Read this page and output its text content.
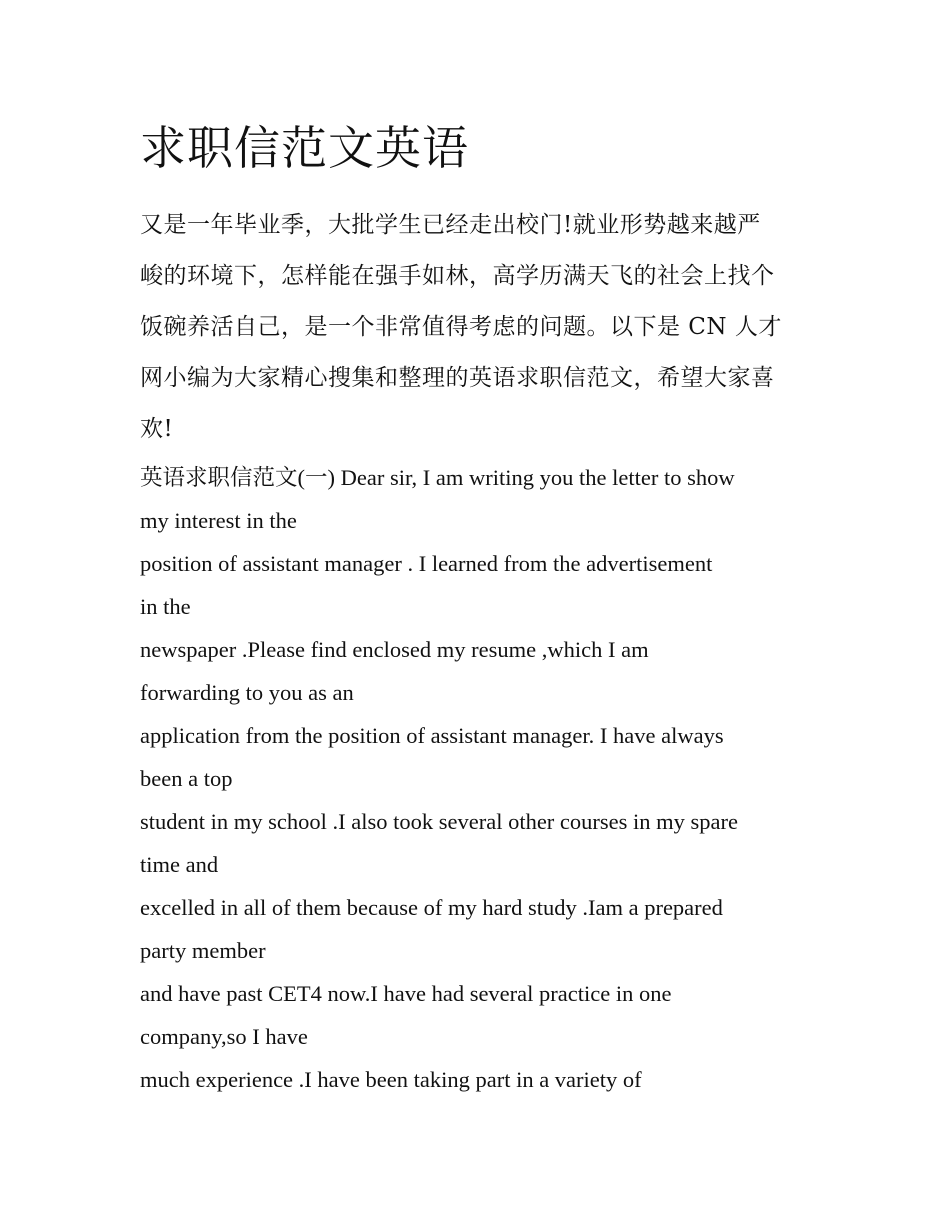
求职信范文英语
又是一年毕业季，大批学生已经走出校门!就业形势越来越严
峻的环境下，怎样能在强手如林，高学历满天飞的社会上找个
饭碗养活自己，是一个非常值得考虑的问题。以下是 CN 人才
网小编为大家精心搜集和整理的英语求职信范文，希望大家喜
欢!
英语求职信范文(一) Dear sir, I am writing you the letter to show
my interest in the
position of assistant manager . I learned from the advertisement
in the
newspaper .Please find enclosed my resume ,which I am
forwarding to you as an
application from the position of assistant manager. I have always
been a top
student in my school .I also took several other courses in my spare
time and
excelled in all of them because of my hard study .Iam a prepared
party member
and have past CET4 now.I have had several practice in one
company,so I have
much experience .I have been taking part in a variety of
